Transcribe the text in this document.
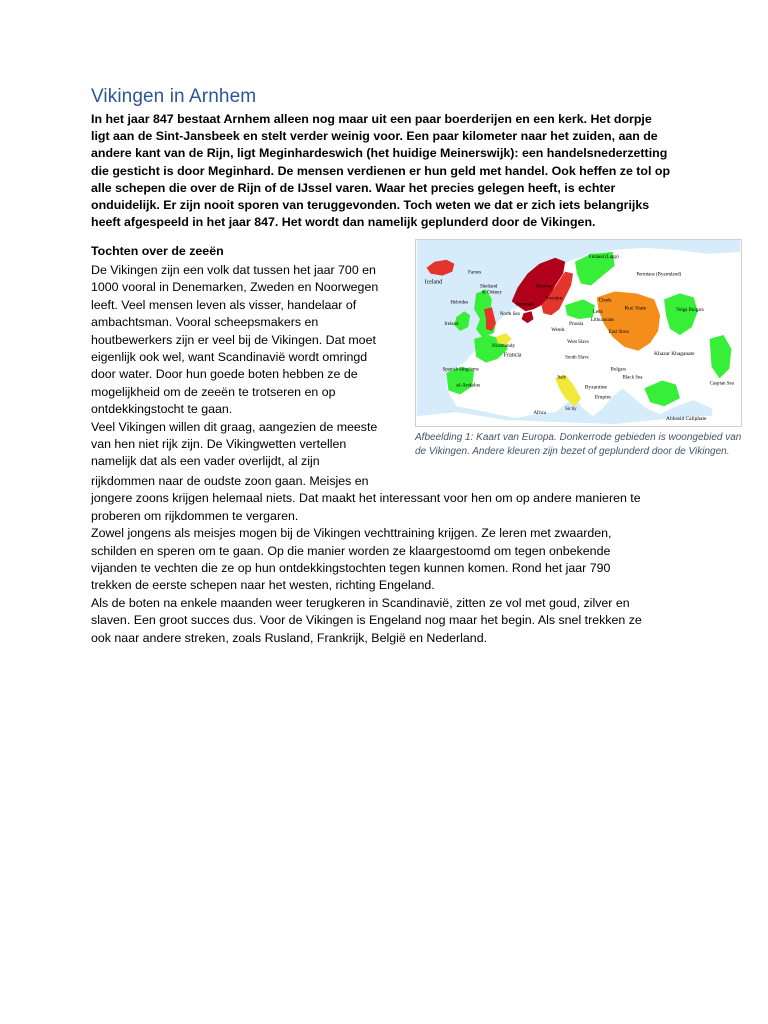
Vikingen in Arnhem
In het jaar 847 bestaat Arnhem alleen nog maar uit een paar boerderijen en een kerk. Het dorpje
ligt aan de Sint-Jansbeek en stelt verder weinig voor. Een paar kilometer naar het zuiden, aan de
andere kant van de Rijn, ligt Meginhardeswich (het huidige Meinerswijk): een handelsnederzetting
die gesticht is door Meginhard. De mensen verdienen er hun geld met handel. Ook heffen ze tol op
alle schepen die over de Rijn of de IJssel varen. Waar het precies gelegen heeft, is echter
onduidelijk. Er zijn nooit sporen van teruggevonden. Toch weten we dat er zich iets belangrijks
heeft afgespeeld in het jaar 847. Het wordt dan namelijk geplunderd door de Vikingen.
Tochten over de zeeën

De Vikingen zijn een volk dat tussen het jaar 700 en

1000 vooral in Denemarken, Zweden en Noorwegen

leeft. Veel mensen leven als visser, handelaar of

ambachtsman. Vooral scheepsmakers en

houtbewerkers zijn er veel bij de Vikingen. Dat moet

eigenlijk ook wel, want Scandinavië wordt omringd

door water. Door hun goede boten hebben ze de

mogelijkheid om de zeeën te trotseren en op

ontdekkingstocht te gaan.

Veel Vikingen willen dit graag, aangezien de meeste

van hen niet rijk zijn. De Vikingwetten vertellen

namelijk dat als een vader overlijdt, al zijn

rijkdommen naar de oudste zoon gaan. Meisjes en

jongere zoons krijgen helemaal niets. Dat maakt het interessant voor hen om op andere manieren te

proberen om rijkdommen te vergaren.

Zowel jongens als meisjes mogen bij de Vikingen vechttraining krijgen. Ze leren met zwaarden,

schilden en speren om te gaan. Op die manier worden ze klaargestoomd om tegen onbekende

vijanden te vechten die ze op hun ontdekkingstochten tegen kunnen komen. Rond het jaar 790

trekken de eerste schepen naar het westen, richting Engeland.

Als de boten na enkele maanden weer terugkeren in Scandinavië, zitten ze vol met goud, zilver en

slaven. Een groot succes dus. Voor de Vikingen is Engeland nog maar het begin. Als snel trekken ze

ook naar andere streken, zoals Rusland, Frankrijk, België en Nederland.

Iceland
Faroes
Shetland
& Orkney
Hebrides
Ireland
North Sea
Norway
Sweden
Denmark
Finland (Lapp)
Permians (Byarmland)
Chuds
Rus' State
Letts
Lithuanians
Prussia
Wends
Volga Bulgars
Khazar Khaganate
Caspian Sea
West Slavs
East Slavs
Normandy
Francia	South Slavs
Bulgars
Black Sea
Byzantine
Empire
Spanish kingdoms
al-Andalus
Italy
Sicily
Africa
Abbasid Caliphate
Afbeelding 1: Kaart van Europa. Donkerrode gebieden is woongebied van de Vikingen. Andere kleuren zijn bezet of geplunderd door de Vikingen.
